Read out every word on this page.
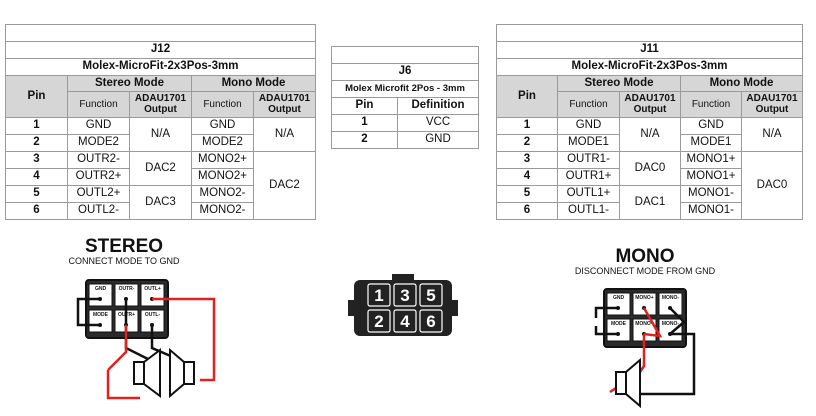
Speaker Output				
J12				
Molex-MicroFit-2x3Pos-3mm				
Pin	Stereo Mode		Mono Mode	
	Function	ADAU1701 Output	Function	ADAU1701 Output
1	GND	N/A	GND	N/A
2	MODE2		MODE2	
3	OUTR2-	DAC2	MONO2+	DAC2
4	OUTR2+		MONO2+	
5	OUTL2+	DAC3	MONO2-	
6	OUTL2-		MONO2-	
DC Power 12-26V	
J6	
Molex Microfit 2Pos - 3mm	
Pin	Definition
1	VCC
2	GND
Speaker Output				
J11				
Molex-MicroFit-2x3Pos-3mm				
Pin	Stereo Mode		Mono Mode	
	Function	ADAU1701 Output	Function	ADAU1701 Output
1	GND	N/A	GND	N/A
2	MODE1		MODE1	
3	OUTR1-	DAC0	MONO1+	DAC0
4	OUTR1+		MONO1+	
5	OUTL1+	DAC1	MONO1-	
6	OUTL1-		MONO1-	
STEREO
CONNECT MODE TO GND
GND	OUTR- OUTL+
MODE OUTR+ OUTL-
1 3 5
2 4 6
MONO
DISCONNECT MODE FROM GND
GND MONO+ MONO-
MODE MONO+ MONO-
